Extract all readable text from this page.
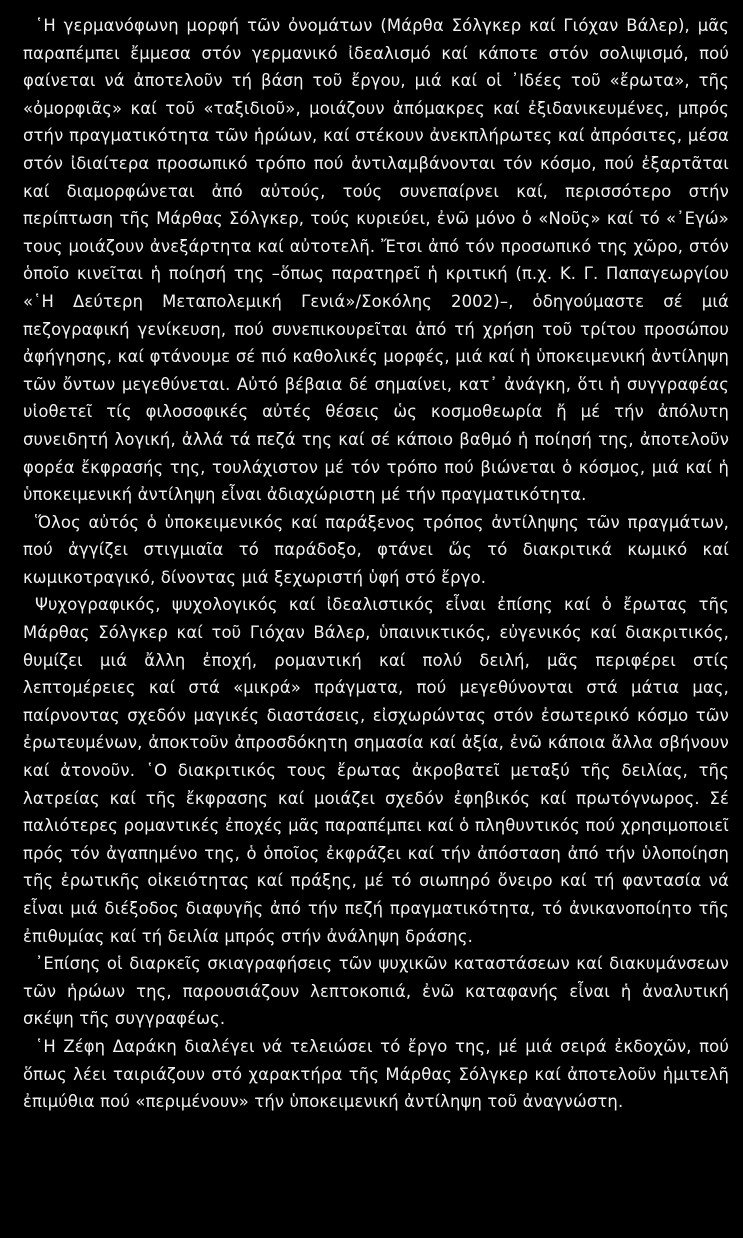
῾Η γερμανόφωνη μορφή τῶν ὀνομάτων (Μάρθα Σόλγκερ καί Γιόχαν Βάλερ), μᾶς παραπέμπει ἔμμεσα στόν γερμανικό ἰδεαλισμό καί κάποτε στόν σολιψισμό, πού φαίνεται νά ἀποτελοῦν τή βάση τοῦ ἔργου, μιά καί οἱ ᾿Ιδέες τοῦ «ἔρωτα», τῆς «ὀμορφιᾶς» καί τοῦ «ταξιδιοῦ», μοιάζουν ἀπόμακρες καί ἐξιδανικευμένες, μπρός στήν πραγματικότητα τῶν ἡρώων, καί στέκουν ἀνεκπλήρωτες καί ἀπρόσιτες, μέσα στόν ἰδιαίτερα προσωπικό τρόπο πού ἀντιλαμβάνονται τόν κόσμο, πού ἐξαρτᾶται καί διαμορφώνεται ἀπό αὐτούς, τούς συνεπαίρνει καί, περισσότερο στήν περίπτωση τῆς Μάρθας Σόλγκερ, τούς κυριεύει, ἐνῶ μόνο ὁ «Νοῦς» καί τό «᾿Εγώ» τους μοιάζουν ἀνεξάρτητα καί αὐτοτελῆ. Ἔτσι ἀπό τόν προσωπικό της χῶρο, στόν ὁποῖο κινεῖται ἡ ποίησή της –ὅπως παρατηρεῖ ἡ κριτική (π.χ. Κ. Γ. Παπαγεωργίου «῾Η Δεύτερη Μεταπολεμική Γενιά»/Σοκόλης 2002)–, ὁδηγούμαστε σέ μιά πεζογραφική γενίκευση, πού συνεπικουρεῖται ἀπό τή χρήση τοῦ τρίτου προσώπου ἀφήγησης, καί φτάνουμε σέ πιό καθολικές μορφές, μιά καί ἡ ὑποκειμενική ἀντίληψη τῶν ὄντων μεγεθύνεται. Αὐτό βέβαια δέ σημαίνει, κατ᾿ ἀνάγκη, ὅτι ἡ συγγραφέας υἱοθετεῖ τίς φιλοσοφικές αὐτές θέσεις ὡς κοσμοθεωρία ἤ μέ τήν ἀπόλυτη συνειδητή λογική, ἀλλά τά πεζά της καί σέ κάποιο βαθμό ἡ ποίησή της, ἀποτελοῦν φορέα ἔκφρασής της, τουλάχιστον μέ τόν τρόπο πού βιώνεται ὁ κόσμος, μιά καί ἡ ὑποκειμενική ἀντίληψη εἶναι ἀδιαχώριστη μέ τήν πραγματικότητα.

Ὅλος αὐτός ὁ ὑποκειμενικός καί παράξενος τρόπος ἀντίληψης τῶν πραγμάτων, πού ἀγγίζει στιγμιαῖα τό παράδοξο, φτάνει ὥς τό διακριτικά κωμικό καί κωμικοτραγικό, δίνοντας μιά ξεχωριστή ὑφή στό ἔργο.

Ψυχογραφικός, ψυχολογικός καί ἰδεαλιστικός εἶναι ἐπίσης καί ὁ ἔρωτας τῆς Μάρθας Σόλγκερ καί τοῦ Γιόχαν Βάλερ, ὑπαινικτικός, εὐγενικός καί διακριτικός, θυμίζει μιά ἄλλη ἐποχή, ρομαντική καί πολύ δειλή, μᾶς περιφέρει στίς λεπτομέρειες καί στά «μικρά» πράγματα, πού μεγεθύνονται στά μάτια μας, παίρνοντας σχεδόν μαγικές διαστάσεις, εἰσχωρώντας στόν ἐσωτερικό κόσμο τῶν ἐρωτευμένων, ἀποκτοῦν ἀπροσδόκητη σημασία καί ἀξία, ἐνῶ κάποια ἄλλα σβήνουν καί ἀτονοῦν. ῾Ο διακριτικός τους ἔρωτας ἀκροβατεῖ μεταξύ τῆς δειλίας, τῆς λατρείας καί τῆς ἔκφρασης καί μοιάζει σχεδόν ἐφηβικός καί πρωτόγνωρος. Σέ παλιότερες ρομαντικές ἐποχές μᾶς παραπέμπει καί ὁ πληθυντικός πού χρησιμοποιεῖ πρός τόν ἀγαπημένο της, ὁ ὁποῖος ἐκφράζει καί τήν ἀπόσταση ἀπό τήν ὑλοποίηση τῆς ἐρωτικῆς οἰκειότητας καί πράξης, μέ τό σιωπηρό ὄνειρο καί τή φαντασία νά εἶναι μιά διέξοδος διαφυγῆς ἀπό τήν πεζή πραγματικότητα, τό ἀνικανοποίητο τῆς ἐπιθυμίας καί τή δειλία μπρός στήν ἀνάληψη δράσης.

᾿Επίσης οἱ διαρκεῖς σκιαγραφήσεις τῶν ψυχικῶν καταστάσεων καί διακυμάνσεων τῶν ἡρώων της, παρουσιάζουν λεπτοκοπιά, ἐνῶ καταφανής εἶναι ἡ ἀναλυτική σκέψη τῆς συγγραφέως.

῾Η Ζέφη Δαράκη διαλέγει νά τελειώσει τό ἔργο της, μέ μιά σειρά ἐκδοχῶν, πού ὅπως λέει ταιριάζουν στό χαρακτήρα τῆς Μάρθας Σόλγκερ καί ἀποτελοῦν ἡμιτελῆ ἐπιμύθια πού «περιμένουν» τήν ὑποκειμενική ἀντίληψη τοῦ ἀναγνώστη.
